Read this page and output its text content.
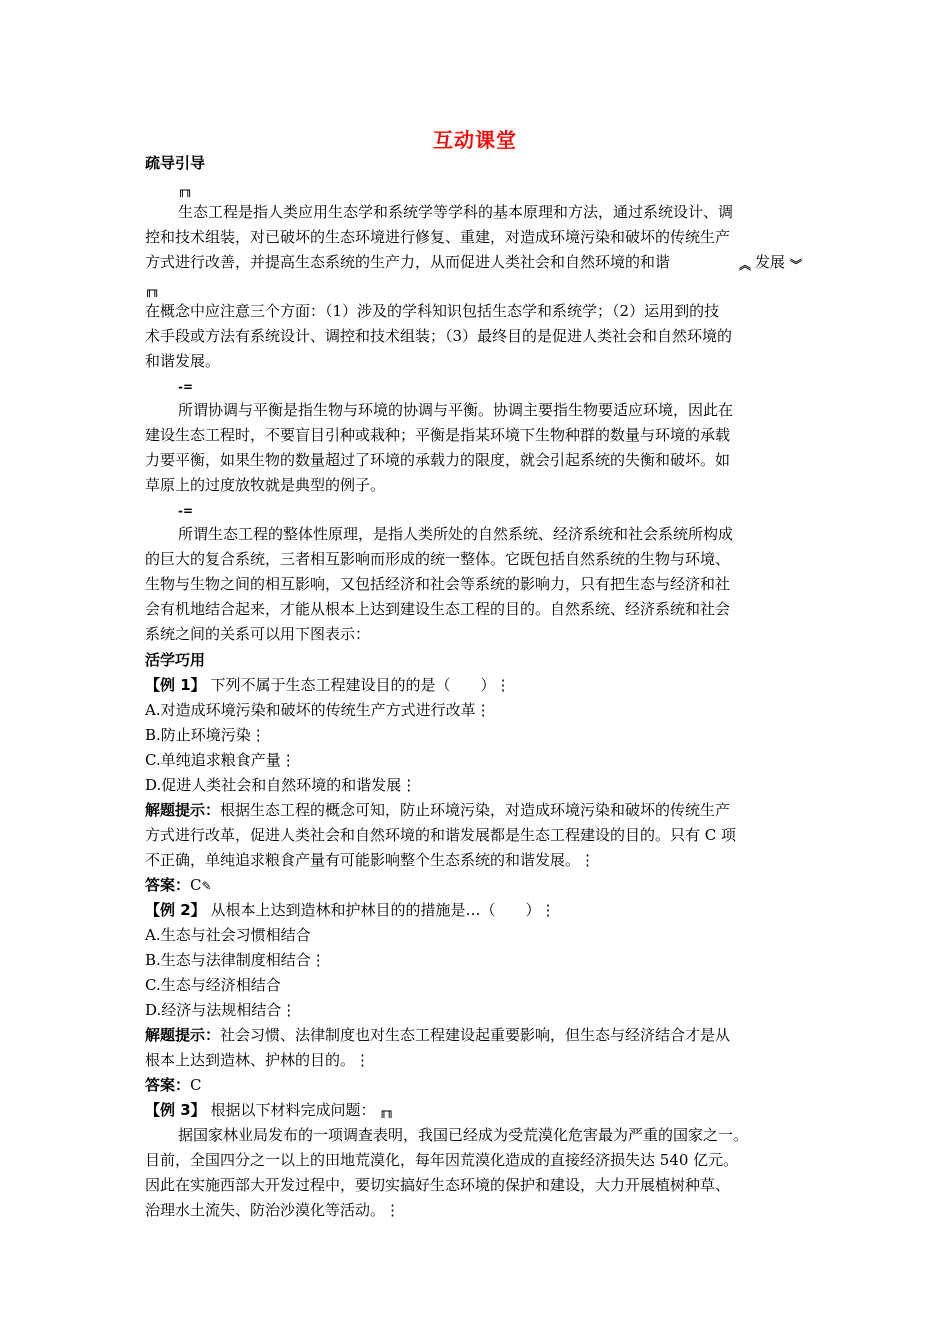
互动课堂
疏导引导
╓╖
生态工程是指人类应用生态学和系统学等学科的基本原理和方法，通过系统设计、调
控和技术组装，对已破坏的生态环境进行修复、重建，对造成环境污染和破坏的传统生产
方式进行改善，并提高生态系统的生产力，从而促进人类社会和自然环境的和谐	︽ 发展 ︾
╓╖
在概念中应注意三个方面：（1）涉及的学科知识包括生态学和系统学；（2）运用到的技
术手段或方法有系统设计、调控和技术组装；（3）最终目的是促进人类社会和自然环境的
和谐发展。
-=
所谓协调与平衡是指生物与环境的协调与平衡。协调主要指生物要适应环境，因此在
建设生态工程时，不要盲目引种或栽种；平衡是指某环境下生物种群的数量与环境的承载
力要平衡，如果生物的数量超过了环境的承载力的限度，就会引起系统的失衡和破坏。如
草原上的过度放牧就是典型的例子。
-=
所谓生态工程的整体性原理，是指人类所处的自然系统、经济系统和社会系统所构成
的巨大的复合系统，三者相互影响而形成的统一整体。它既包括自然系统的生物与环境、
生物与生物之间的相互影响，又包括经济和社会等系统的影响力，只有把生态与经济和社
会有机地结合起来，才能从根本上达到建设生态工程的目的。自然系统、经济系统和社会
系统之间的关系可以用下图表示：
活学巧用
【例 1】 下列不属于生态工程建设目的的是（　　）⋮
A.对造成环境污染和破坏的传统生产方式进行改革⋮
B.防止环境污染⋮
C.单纯追求粮食产量⋮
D.促进人类社会和自然环境的和谐发展⋮
解题提示：根据生态工程的概念可知，防止环境污染，对造成环境污染和破坏的传统生产
方式进行改革，促进人类社会和自然环境的和谐发展都是生态工程建设的目的。只有 C 项
不正确，单纯追求粮食产量有可能影响整个生态系统的和谐发展。⋮
答案：C✎
【例 2】 从根本上达到造林和护林目的的措施是…（　　）⋮
A.生态与社会习惯相结合
B.生态与法律制度相结合⋮
C.生态与经济相结合
D.经济与法规相结合⋮
解题提示：社会习惯、法律制度也对生态工程建设起重要影响，但生态与经济结合才是从
根本上达到造林、护林的目的。⋮
答案：C
【例 3】 根据以下材料完成问题： ╓╖
据国家林业局发布的一项调查表明，我国已经成为受荒漠化危害最为严重的国家之一。
目前，全国四分之一以上的田地荒漠化，每年因荒漠化造成的直接经济损失达 540 亿元。
因此在实施西部大开发过程中，要切实搞好生态环境的保护和建设，大力开展植树种草、
治理水土流失、防治沙漠化等活动。⋮
